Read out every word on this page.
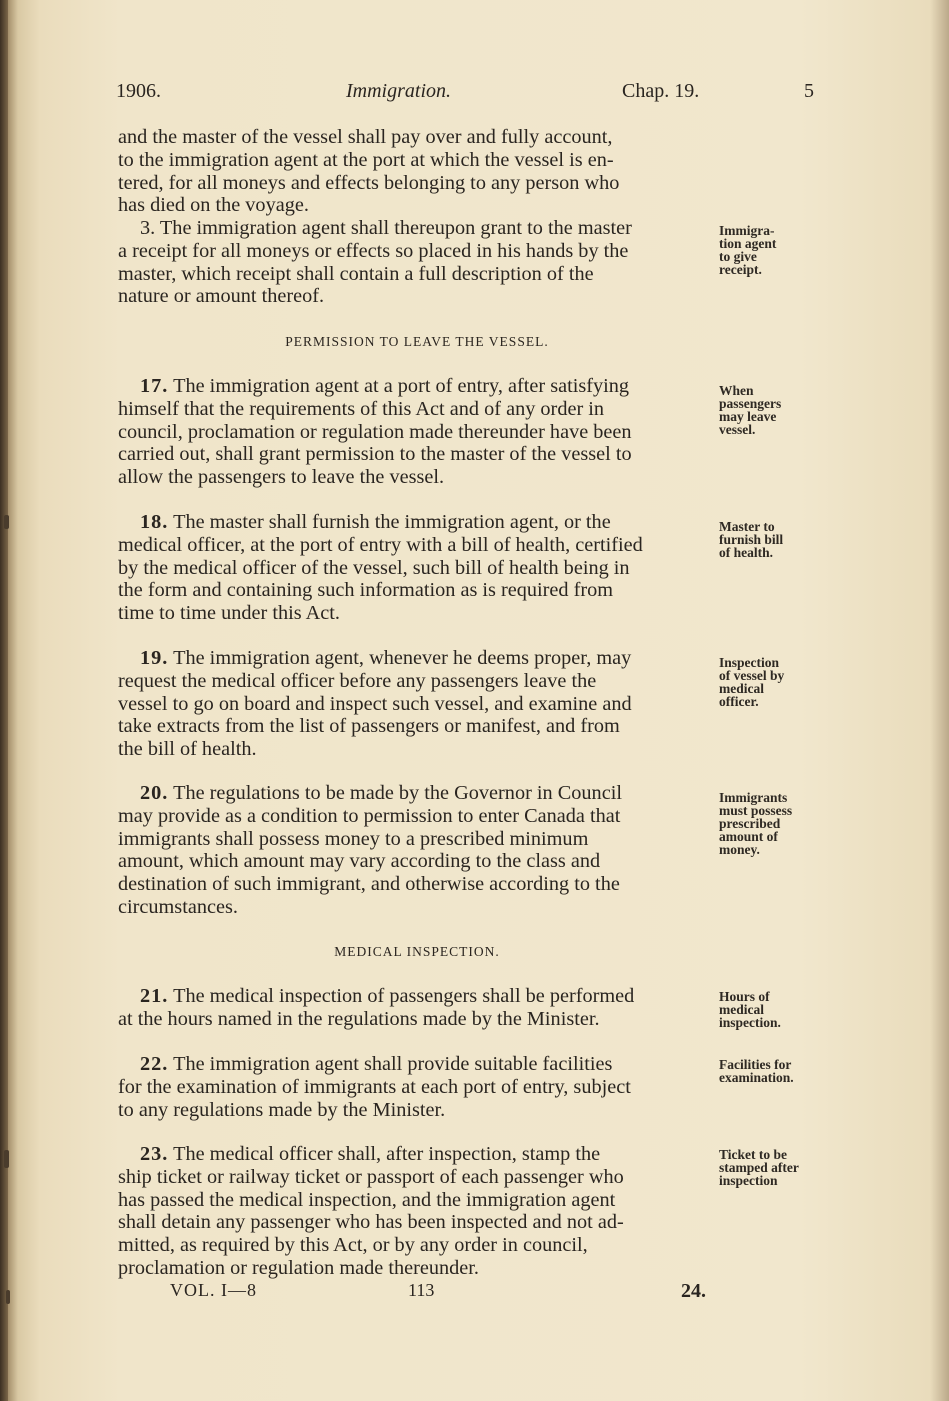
1906.	Immigration.	Chap. 19.	5
and the master of the vessel shall pay over and fully account,
to the immigration agent at the port at which the vessel is en-
tered, for all moneys and effects belonging to any person who
has died on the voyage.
3. The immigration agent shall thereupon grant to the master
a receipt for all moneys or effects so placed in his hands by the
master, which receipt shall contain a full description of the
nature or amount thereof.
Immigra-
tion agent
to give
receipt.
PERMISSION TO LEAVE THE VESSEL.
17. The immigration agent at a port of entry, after satisfying
himself that the requirements of this Act and of any order in
council, proclamation or regulation made thereunder have been
carried out, shall grant permission to the master of the vessel to
allow the passengers to leave the vessel.
When
passengers
may leave
vessel.
18. The master shall furnish the immigration agent, or the
medical officer, at the port of entry with a bill of health, certified
by the medical officer of the vessel, such bill of health being in
the form and containing such information as is required from
time to time under this Act.
Master to
furnish bill
of health.
19. The immigration agent, whenever he deems proper, may
request the medical officer before any passengers leave the
vessel to go on board and inspect such vessel, and examine and
take extracts from the list of passengers or manifest, and from
the bill of health.
Inspection
of vessel by
medical
officer.
20. The regulations to be made by the Governor in Council
may provide as a condition to permission to enter Canada that
immigrants shall possess money to a prescribed minimum
amount, which amount may vary according to the class and
destination of such immigrant, and otherwise according to the
circumstances.
Immigrants
must possess
prescribed
amount of
money.
MEDICAL INSPECTION.
21. The medical inspection of passengers shall be performed
at the hours named in the regulations made by the Minister.
Hours of
medical
inspection.
22. The immigration agent shall provide suitable facilities
for the examination of immigrants at each port of entry, subject
to any regulations made by the Minister.
Facilities for
examination.
23. The medical officer shall, after inspection, stamp the
ship ticket or railway ticket or passport of each passenger who
has passed the medical inspection, and the immigration agent
shall detain any passenger who has been inspected and not ad-
mitted, as required by this Act, or by any order in council,
proclamation or regulation made thereunder.
Ticket to be
stamped after
inspection
VOL. I—8	113	24.
